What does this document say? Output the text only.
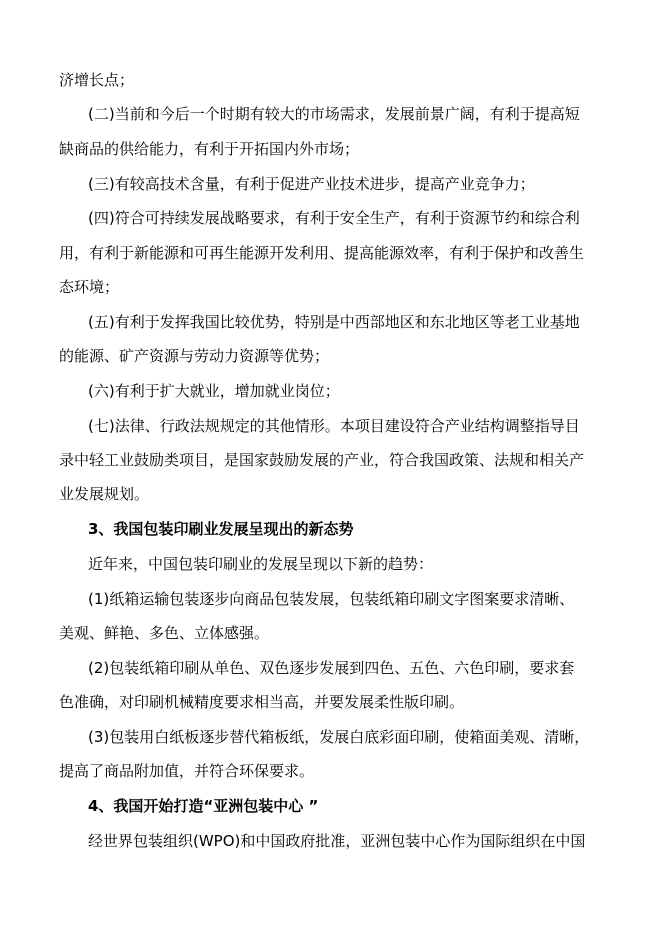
济增长点；
(二)当前和今后一个时期有较大的市场需求，发展前景广阔，有利于提高短
缺商品的供给能力，有利于开拓国内外市场；
(三)有较高技术含量，有利于促进产业技术进步，提高产业竞争力；
(四)符合可持续发展战略要求，有利于安全生产，有利于资源节约和综合利
用，有利于新能源和可再生能源开发利用、提高能源效率，有利于保护和改善生
态环境；
(五)有利于发挥我国比较优势，特别是中西部地区和东北地区等老工业基地
的能源、矿产资源与劳动力资源等优势；
(六)有利于扩大就业，增加就业岗位；
(七)法律、行政法规规定的其他情形。本项目建设符合产业结构调整指导目
录中轻工业鼓励类项目，是国家鼓励发展的产业，符合我国政策、法规和相关产
业发展规划。
3、我国包装印刷业发展呈现出的新态势
近年来，中国包装印刷业的发展呈现以下新的趋势：
(1)纸箱运输包装逐步向商品包装发展，包装纸箱印刷文字图案要求清晰、
美观、鲜艳、多色、立体感强。
(2)包装纸箱印刷从单色、双色逐步发展到四色、五色、六色印刷，要求套
色准确，对印刷机械精度要求相当高，并要发展柔性版印刷。
(3)包装用白纸板逐步替代箱板纸，发展白底彩面印刷，使箱面美观、清晰，
提高了商品附加值，并符合环保要求。
4、我国开始打造“亚洲包装中心 ”
经世界包装组织(WPO)和中国政府批准，亚洲包装中心作为国际组织在中国
